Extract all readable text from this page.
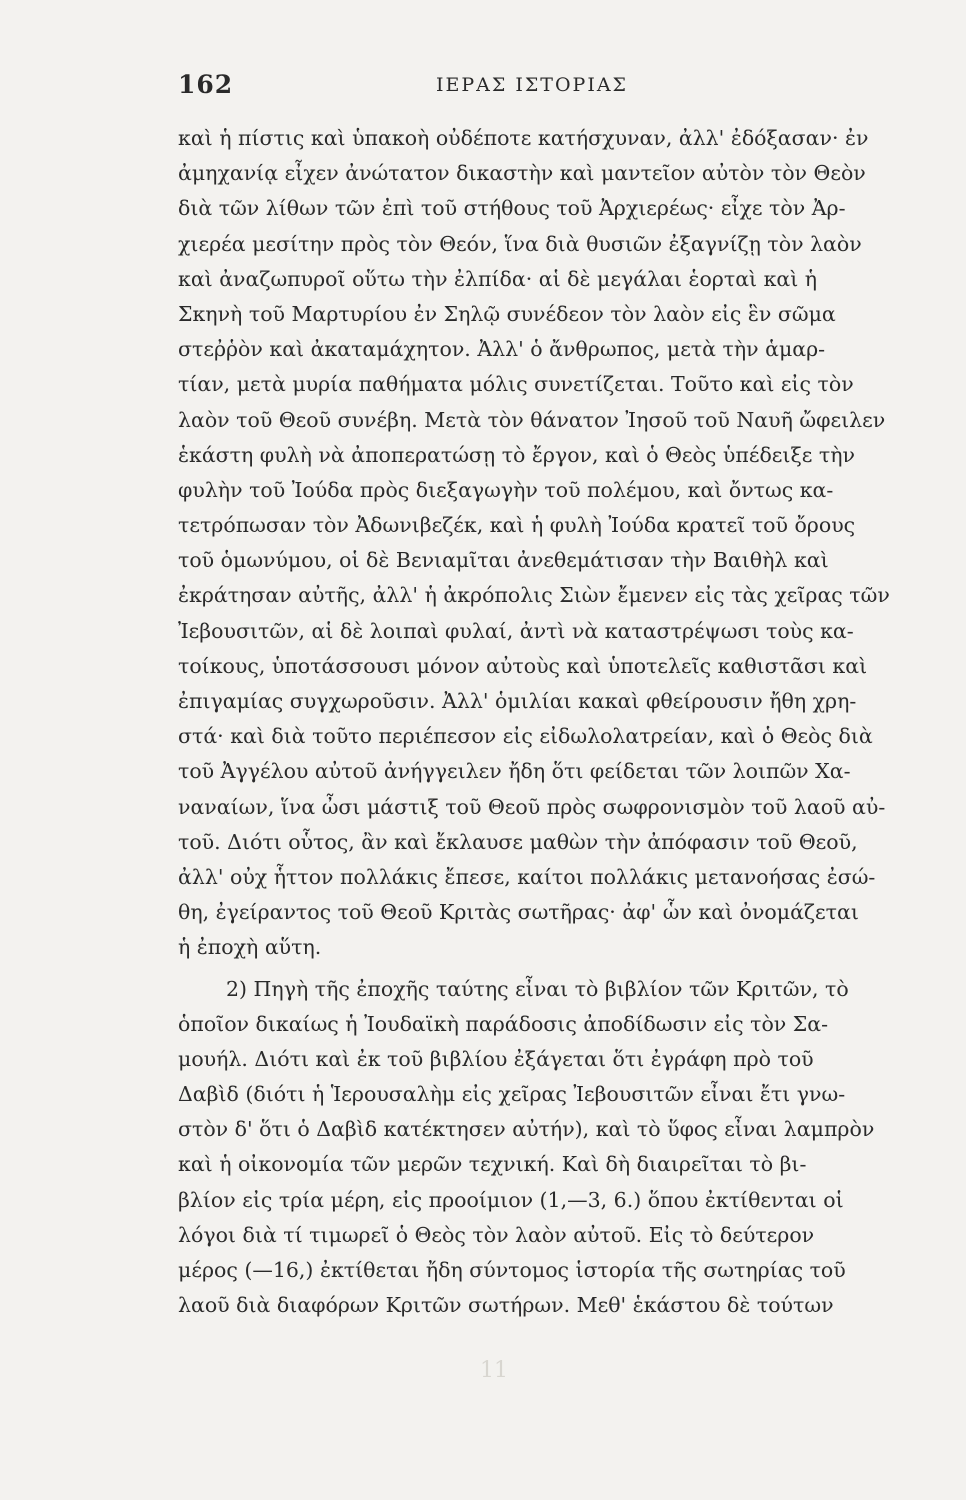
162	ΙΕΡΑΣ ΙΣΤΟΡΙΑΣ
καὶ ἡ πίστις καὶ ὑπακοὴ οὐδέποτε κατήσχυναν, ἀλλ' ἐδόξασαν· ἐν
ἀμηχανίᾳ εἶχεν ἀνώτατον δικαστὴν καὶ μαντεῖον αὐτὸν τὸν Θεὸν
διὰ τῶν λίθων τῶν ἐπὶ τοῦ στήθους τοῦ Ἀρχιερέως· εἶχε τὸν Ἀρ-
χιερέα μεσίτην πρὸς τὸν Θεόν, ἵνα διὰ θυσιῶν ἐξαγνίζῃ τὸν λαὸν
καὶ ἀναζωπυροῖ οὕτω τὴν ἐλπίδα· αἱ δὲ μεγάλαι ἑορταὶ καὶ ἡ
Σκηνὴ τοῦ Μαρτυρίου ἐν Σηλῷ συνέδεον τὸν λαὸν εἰς ἓν σῶμα
στεῤῥὸν καὶ ἀκαταμάχητον. Ἀλλ' ὁ ἄνθρωπος, μετὰ τὴν ἁμαρ-
τίαν, μετὰ μυρία παθήματα μόλις συνετίζεται. Τοῦτο καὶ εἰς τὸν
λαὸν τοῦ Θεοῦ συνέβη. Μετὰ τὸν θάνατον Ἰησοῦ τοῦ Ναυῆ ὤφειλεν
ἑκάστη φυλὴ νὰ ἀποπερατώσῃ τὸ ἔργον, καὶ ὁ Θεὸς ὑπέδειξε τὴν
φυλὴν τοῦ Ἰούδα πρὸς διεξαγωγὴν τοῦ πολέμου, καὶ ὄντως κα-
τετρόπωσαν τὸν Ἀδωνιβεζέκ, καὶ ἡ φυλὴ Ἰούδα κρατεῖ τοῦ ὄρους
τοῦ ὁμωνύμου, οἱ δὲ Βενιαμῖται ἀνεθεμάτισαν τὴν Βαιθὴλ καὶ
ἐκράτησαν αὐτῆς, ἀλλ' ἡ ἀκρόπολις Σιὼν ἔμενεν εἰς τὰς χεῖρας τῶν
Ἰεβουσιτῶν, αἱ δὲ λοιπαὶ φυλαί, ἀντὶ νὰ καταστρέψωσι τοὺς κα-
τοίκους, ὑποτάσσουσι μόνον αὐτοὺς καὶ ὑποτελεῖς καθιστᾶσι καὶ
ἐπιγαμίας συγχωροῦσιν. Ἀλλ' ὁμιλίαι κακαὶ φθείρουσιν ἤθη χρη-
στά· καὶ διὰ τοῦτο περιέπεσον εἰς εἰδωλολατρείαν, καὶ ὁ Θεὸς διὰ
τοῦ Ἀγγέλου αὐτοῦ ἀνήγγειλεν ἤδη ὅτι φείδεται τῶν λοιπῶν Χα-
ναναίων, ἵνα ὦσι μάστιξ τοῦ Θεοῦ πρὸς σωφρονισμὸν τοῦ λαοῦ αὐ-
τοῦ. Διότι οὗτος, ἂν καὶ ἔκλαυσε μαθὼν τὴν ἀπόφασιν τοῦ Θεοῦ,
ἀλλ' οὐχ ἧττον πολλάκις ἔπεσε, καίτοι πολλάκις μετανοήσας ἐσώ-
θη, ἐγείραντος τοῦ Θεοῦ Κριτὰς σωτῆρας· ἀφ' ὧν καὶ ὀνομάζεται
ἡ ἐποχὴ αὕτη.
2) Πηγὴ τῆς ἐποχῆς ταύτης εἶναι τὸ βιβλίον τῶν Κριτῶν, τὸ
ὁποῖον δικαίως ἡ Ἰουδαϊκὴ παράδοσις ἀποδίδωσιν εἰς τὸν Σα-
μουήλ. Διότι καὶ ἐκ τοῦ βιβλίου ἐξάγεται ὅτι ἐγράφη πρὸ τοῦ
Δαβὶδ (διότι ἡ Ἱερουσαλὴμ εἰς χεῖρας Ἰεβουσιτῶν εἶναι ἔτι γνω-
στὸν δ' ὅτι ὁ Δαβὶδ κατέκτησεν αὐτήν), καὶ τὸ ὕφος εἶναι λαμπρὸν
καὶ ἡ οἰκονομία τῶν μερῶν τεχνική. Καὶ δὴ διαιρεῖται τὸ βι-
βλίον εἰς τρία μέρη, εἰς προοίμιον (1,—3, 6.) ὅπου ἐκτίθενται οἱ
λόγοι διὰ τί τιμωρεῖ ὁ Θεὸς τὸν λαὸν αὐτοῦ. Εἰς τὸ δεύτερον
μέρος (—16,) ἐκτίθεται ἤδη σύντομος ἱστορία τῆς σωτηρίας τοῦ
λαοῦ διὰ διαφόρων Κριτῶν σωτήρων. Μεθ' ἑκάστου δὲ τούτων
11
